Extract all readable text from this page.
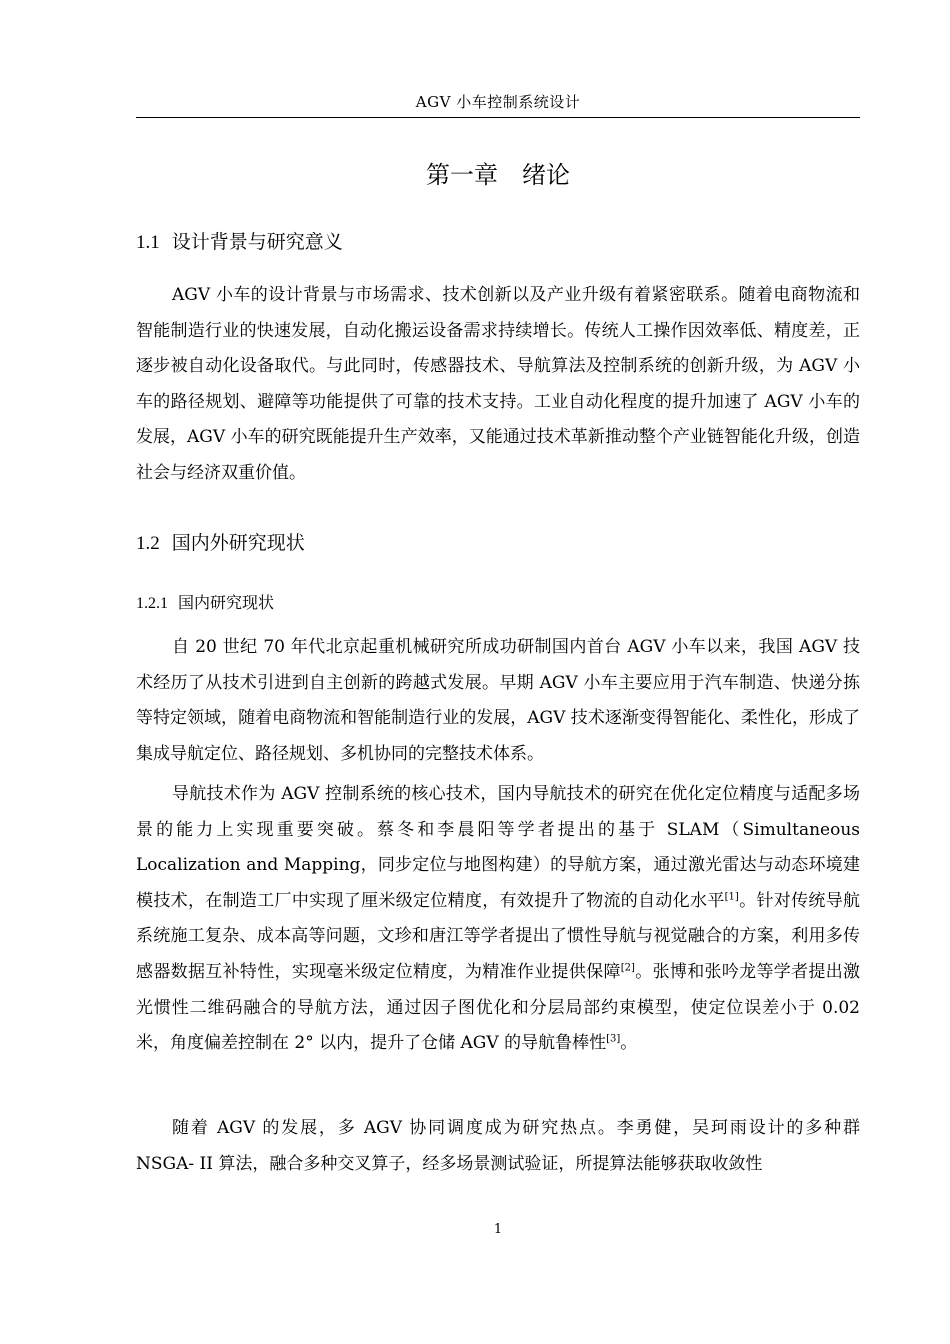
AGV 小车控制系统设计
第一章　绪论
1.1 设计背景与研究意义

AGV 小车的设计背景与市场需求、技术创新以及产业升级有着紧密联系。随着电商物流和智能制造行业的快速发展，自动化搬运设备需求持续增长。传统人工操作因效率低、精度差，正逐步被自动化设备取代。与此同时，传感器技术、导航算法及控制系统的创新升级，为 AGV 小车的路径规划、避障等功能提供了可靠的技术支持。工业自动化程度的提升加速了 AGV 小车的发展，AGV 小车的研究既能提升生产效率，又能通过技术革新推动整个产业链智能化升级，创造社会与经济双重价值。

1.2 国内外研究现状
1.2.1 国内研究现状

自 20 世纪 70 年代北京起重机械研究所成功研制国内首台 AGV 小车以来，我国 AGV 技术经历了从技术引进到自主创新的跨越式发展。早期 AGV 小车主要应用于汽车制造、快递分拣等特定领域，随着电商物流和智能制造行业的发展，AGV 技术逐渐变得智能化、柔性化，形成了集成导航定位、路径规划、多机协同的完整技术体系。

导航技术作为 AGV 控制系统的核心技术，国内导航技术的研究在优化定位精度与适配多场景的能力上实现重要突破。蔡冬和李晨阳等学者提出的基于 SLAM（Simultaneous Localization and Mapping，同步定位与地图构建）的导航方案，通过激光雷达与动态环境建模技术，在制造工厂中实现了厘米级定位精度，有效提升了物流的自动化水平[1]。针对传统导航系统施工复杂、成本高等问题，文珍和唐江等学者提出了惯性导航与视觉融合的方案，利用多传感器数据互补特性，实现毫米级定位精度，为精准作业提供保障[2]。张博和张吟龙等学者提出激光惯性二维码融合的导航方法，通过因子图优化和分层局部约束模型，使定位误差小于 0.02 米，角度偏差控制在 2° 以内，提升了仓储 AGV 的导航鲁棒性[3]。

随着 AGV 的发展，多 AGV 协同调度成为研究热点。李勇健，吴珂雨设计的多种群 NSGA- II 算法，融合多种交叉算子，经多场景测试验证，所提算法能够获取收敛性

1
